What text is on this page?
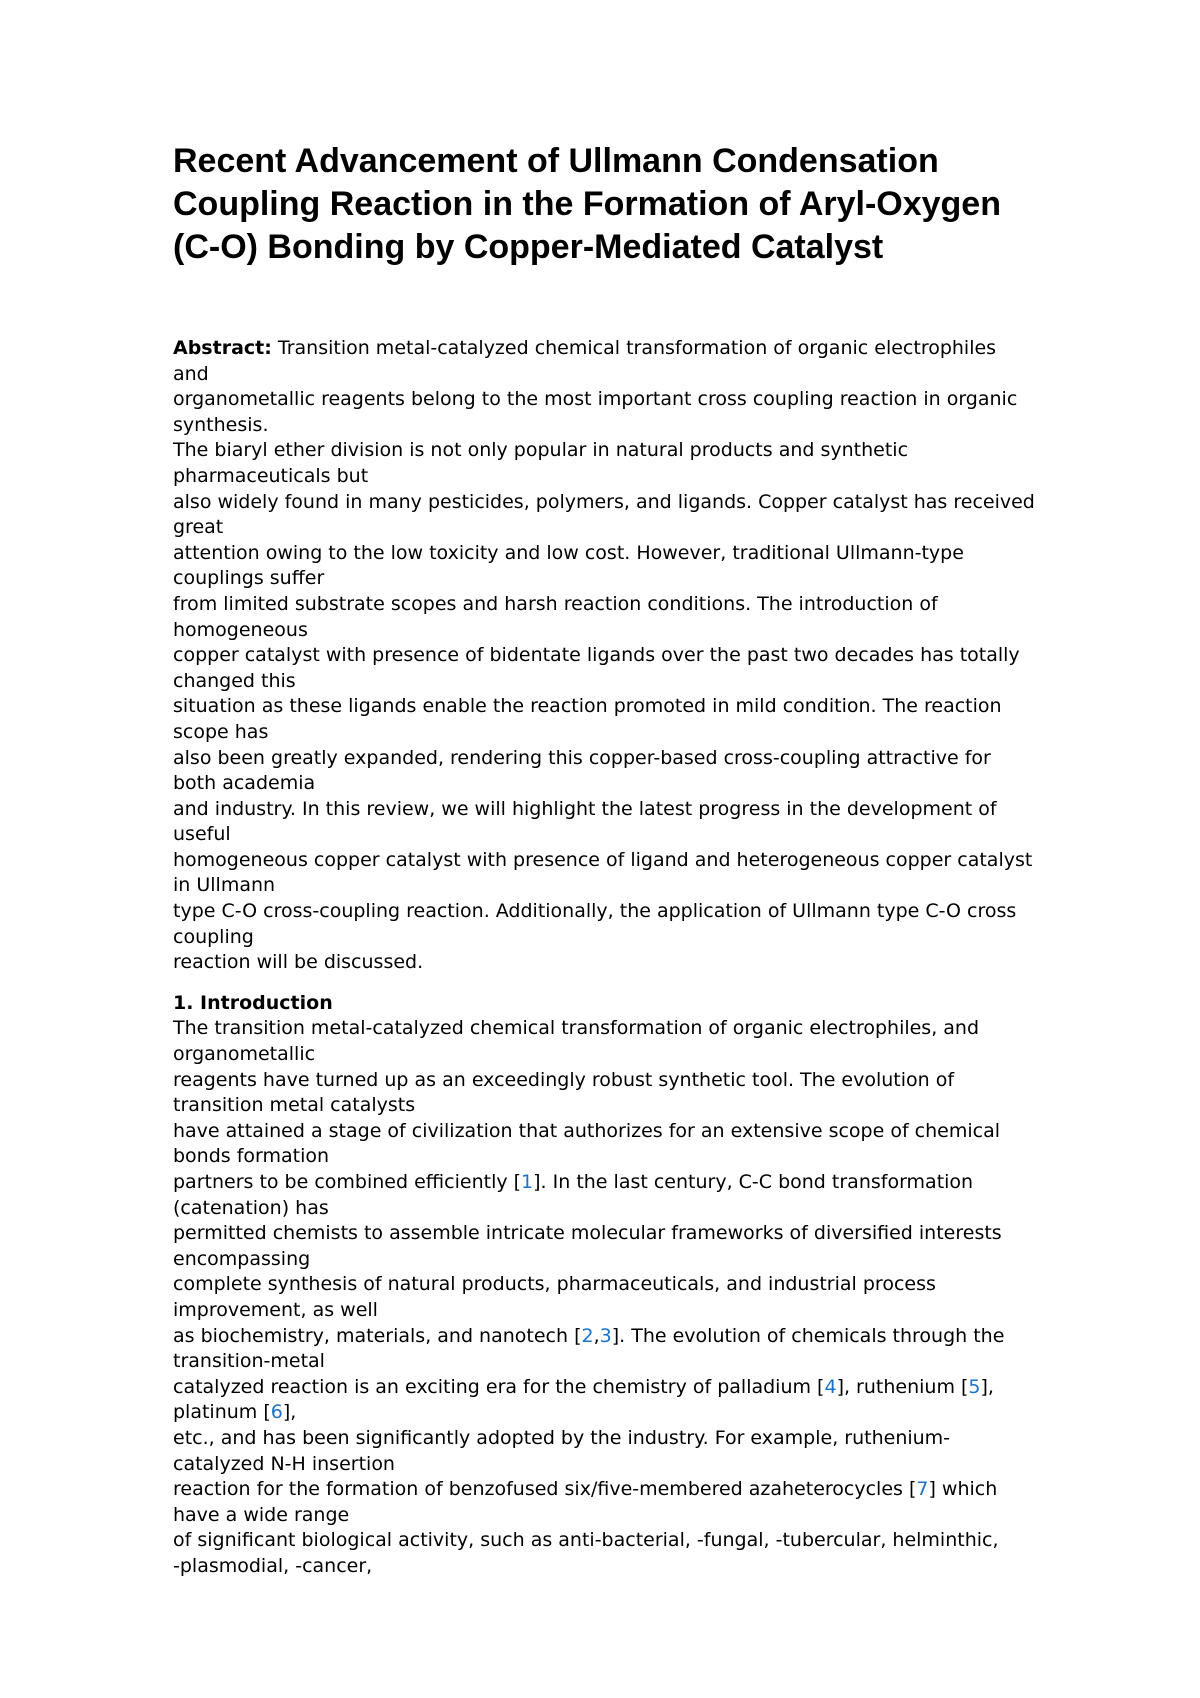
Recent Advancement of Ullmann Condensation
Coupling Reaction in the Formation of Aryl-Oxygen
(C-O) Bonding by Copper-Mediated Catalyst
Abstract: Transition metal-catalyzed chemical transformation of organic electrophiles
and
organometallic reagents belong to the most important cross coupling reaction in organic
synthesis.
The biaryl ether division is not only popular in natural products and synthetic
pharmaceuticals but
also widely found in many pesticides, polymers, and ligands. Copper catalyst has received
great
attention owing to the low toxicity and low cost. However, traditional Ullmann-type
couplings suffer
from limited substrate scopes and harsh reaction conditions. The introduction of
homogeneous
copper catalyst with presence of bidentate ligands over the past two decades has totally
changed this
situation as these ligands enable the reaction promoted in mild condition. The reaction
scope has
also been greatly expanded, rendering this copper-based cross-coupling attractive for
both academia
and industry. In this review, we will highlight the latest progress in the development of
useful
homogeneous copper catalyst with presence of ligand and heterogeneous copper catalyst
in Ullmann
type C-O cross-coupling reaction. Additionally, the application of Ullmann type C-O cross
coupling
reaction will be discussed.
1. Introduction
The transition metal-catalyzed chemical transformation of organic electrophiles, and
organometallic
reagents have turned up as an exceedingly robust synthetic tool. The evolution of
transition metal catalysts
have attained a stage of civilization that authorizes for an extensive scope of chemical
bonds formation
partners to be combined efficiently [1]. In the last century, C-C bond transformation
(catenation) has
permitted chemists to assemble intricate molecular frameworks of diversified interests
encompassing
complete synthesis of natural products, pharmaceuticals, and industrial process
improvement, as well
as biochemistry, materials, and nanotech [2,3]. The evolution of chemicals through the
transition-metal
catalyzed reaction is an exciting era for the chemistry of palladium [4], ruthenium [5],
platinum [6],
etc., and has been significantly adopted by the industry. For example, ruthenium-
catalyzed N-H insertion
reaction for the formation of benzofused six/five-membered azaheterocycles [7] which
have a wide range
of significant biological activity, such as anti-bacterial, -fungal, -tubercular, helminthic,
-plasmodial, -cancer,
